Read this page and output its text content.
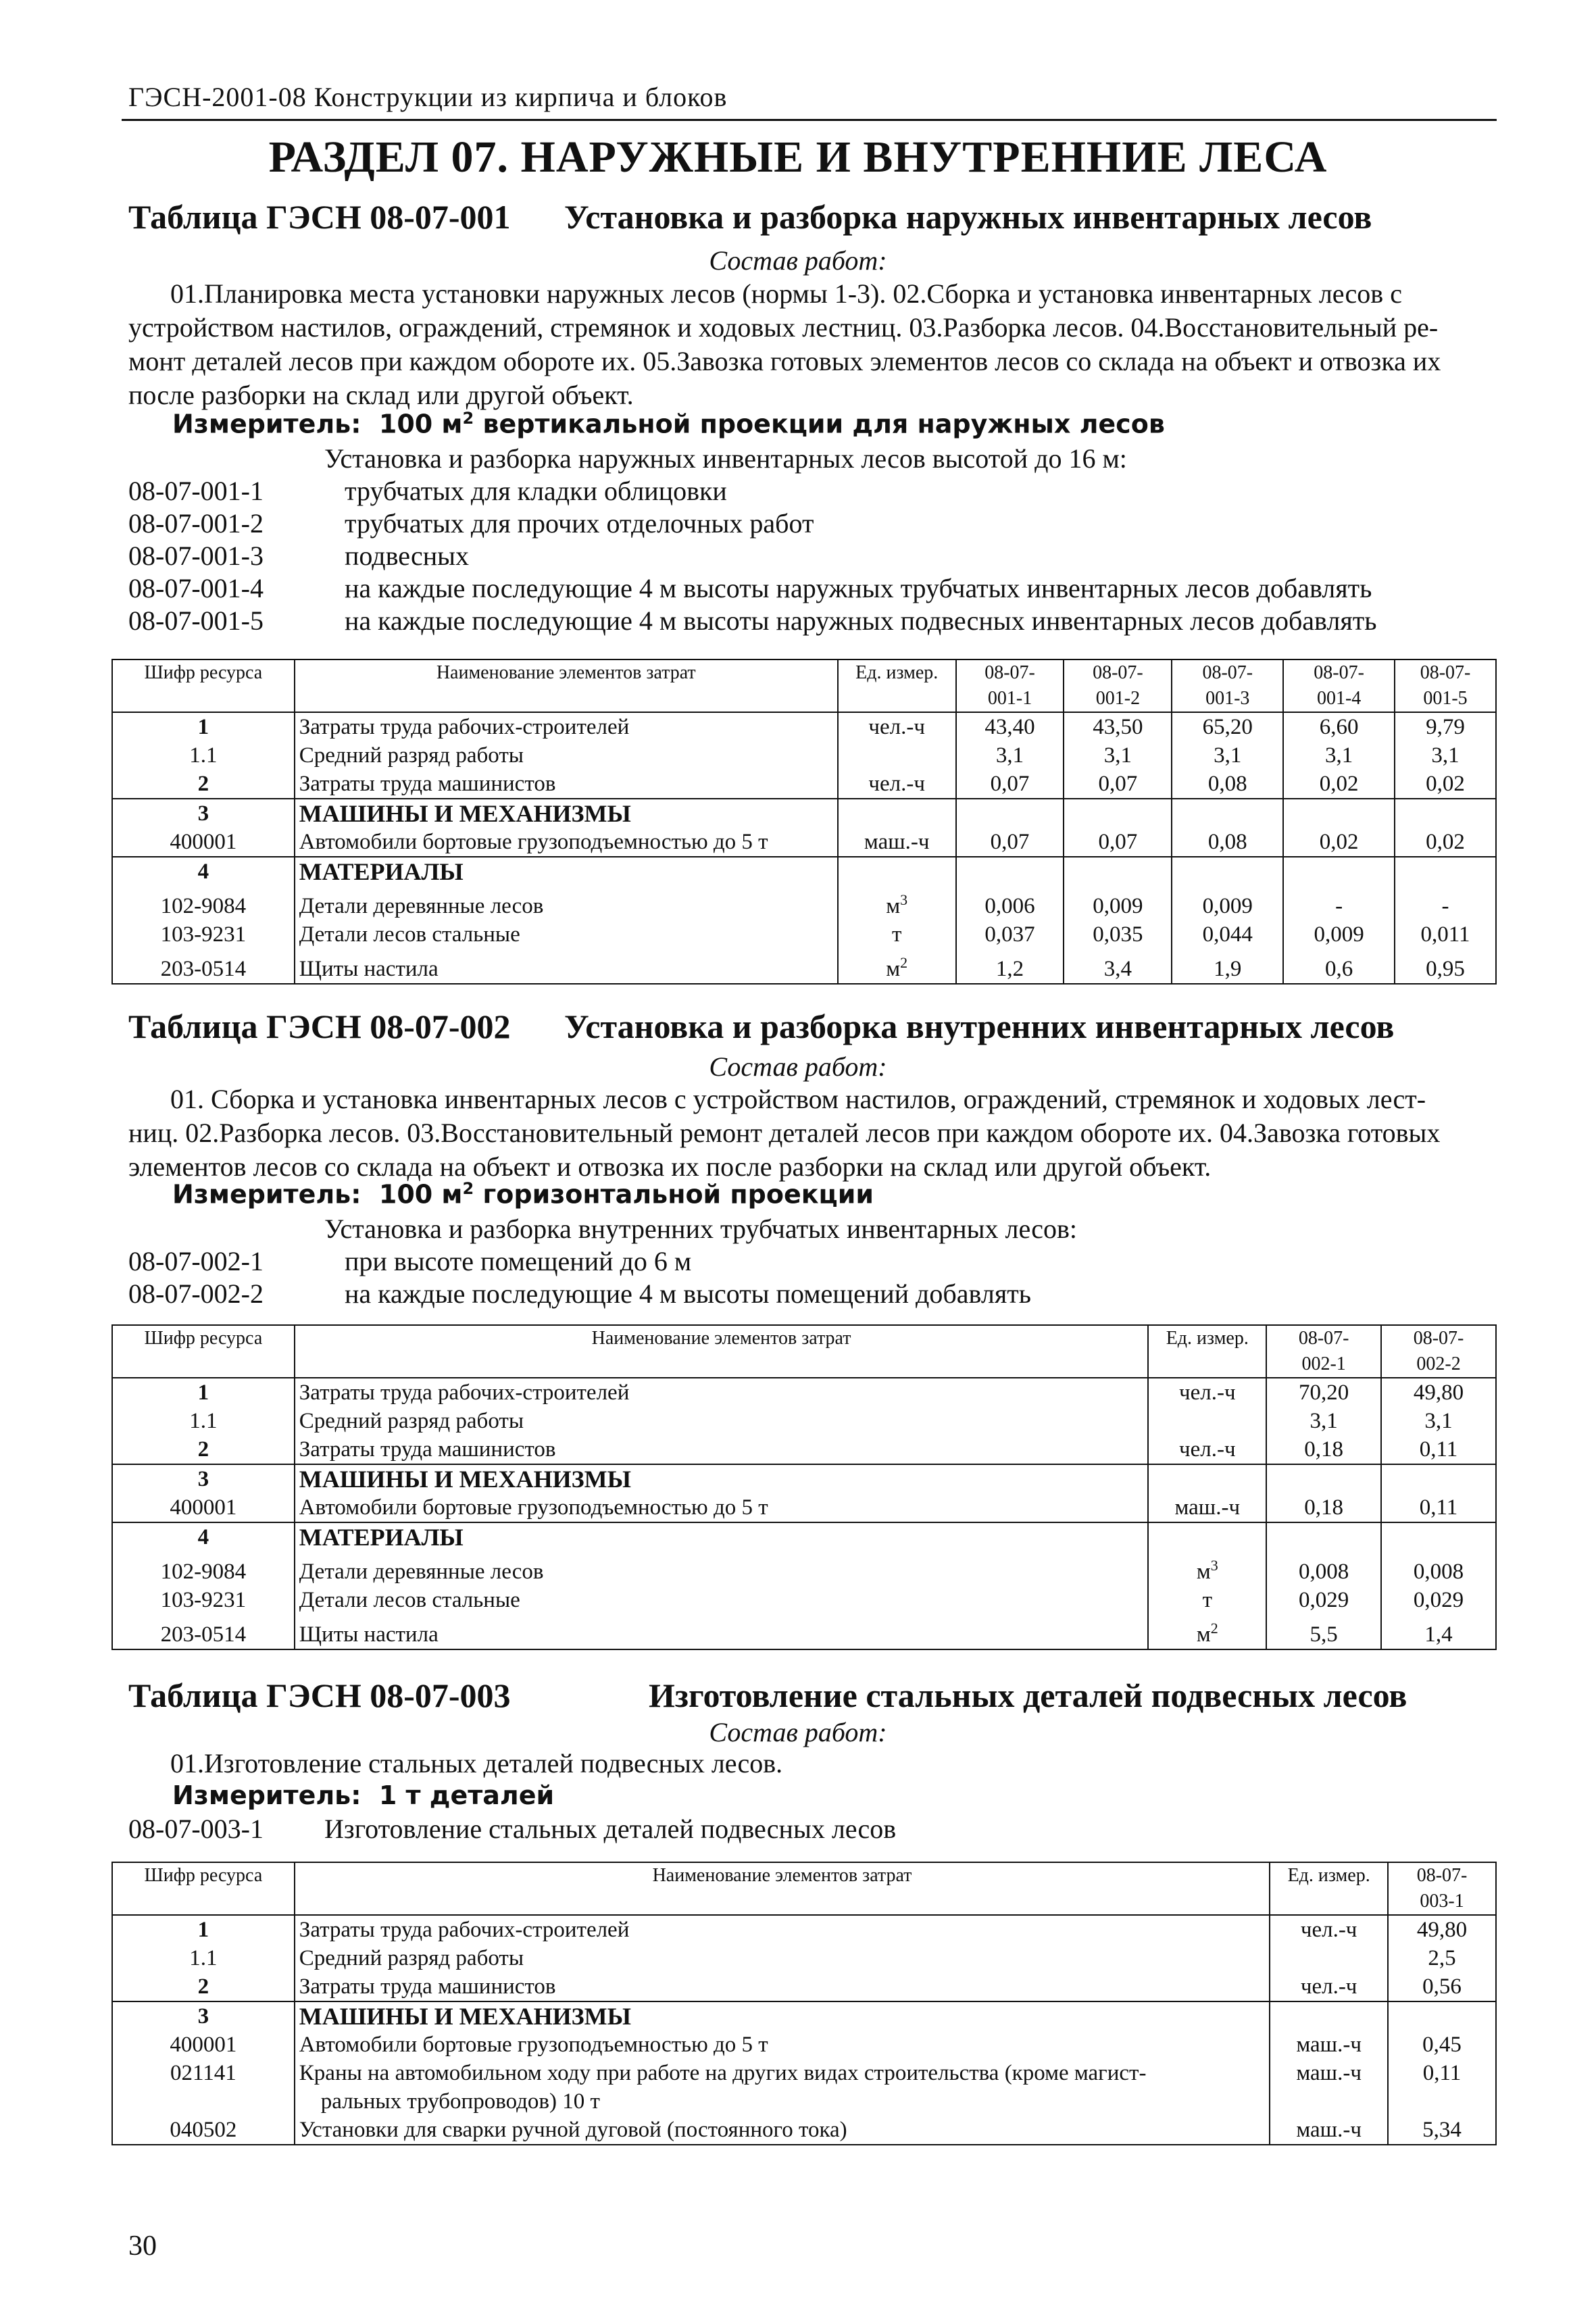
ГЭСН-2001-08 Конструкции из кирпича и блоков
РАЗДЕЛ 07. НАРУЖНЫЕ И ВНУТРЕННИЕ ЛЕСА
Таблица ГЭСН 08-07-001 Установка и разборка наружных инвентарных лесов
Состав работ:
01.Планировка места установки наружных лесов (нормы 1-3). 02.Сборка и установка инвентарных лесов с
устройством настилов, ограждений, стремянок и ходовых лестниц. 03.Разборка лесов. 04.Восстановительный ре-
монт деталей лесов при каждом обороте их. 05.Завозка готовых элементов лесов со склада на объект и отвозка их
после разборки на склад или другой объект.
Измеритель: 100 $м^2$ вертикальной проекции для наружных лесов
Установка и разборка наружных инвентарных лесов высотой до 16 м:
08-07-001-1	трубчатых для кладки облицовки
08-07-001-2	трубчатых для прочих отделочных работ
08-07-001-3	подвесных
08-07-001-4	на каждые последующие 4 м высоты наружных трубчатых инвентарных лесов добавлять
08-07-001-5	на каждые последующие 4 м высоты наружных подвесных инвентарных лесов добавлять
Шифр ресурса	Наименование элементов затрат	Ед. измер.	08-07-
001-1	08-07-
001-2	08-07-
001-3	08-07-
001-4	08-07-
001-5
1	Затраты труда рабочих-строителей	чел.-ч	43,40	43,50	65,20	6,60	9,79
1.1	Средний разряд работы		3,1	3,1	3,1	3,1	3,1
2	Затраты труда машинистов	чел.-ч	0,07	0,07	0,08	0,02	0,02
3	МАШИНЫ И МЕХАНИЗМЫ						
400001	Автомобили бортовые грузоподъемностью до 5 т	маш.-ч	0,07	0,07	0,08	0,02	0,02
4	МАТЕРИАЛЫ						
102-9084	Детали деревянные лесов	$м^3$	0,006	0,009	0,009	-	-
103-9231	Детали лесов стальные	т	0,037	0,035	0,044	0,009	0,011
203-0514	Щиты настила	$м^2$	1,2	3,4	1,9	0,6	0,95
Таблица ГЭСН 08-07-002 Установка и разборка внутренних инвентарных лесов
Состав работ:
01. Сборка и установка инвентарных лесов с устройством настилов, ограждений, стремянок и ходовых лест-
ниц. 02.Разборка лесов. 03.Восстановительный ремонт деталей лесов при каждом обороте их. 04.Завозка готовых
элементов лесов со склада на объект и отвозка их после разборки на склад или другой объект.
Измеритель: 100 $м^2$ горизонтальной проекции
Установка и разборка внутренних трубчатых инвентарных лесов:
08-07-002-1	при высоте помещений до 6 м
08-07-002-2	на каждые последующие 4 м высоты помещений добавлять
Шифр ресурса	Наименование элементов затрат	Ед. измер.	08-07-
002-1	08-07-
002-2
1	Затраты труда рабочих-строителей	чел.-ч	70,20	49,80
1.1	Средний разряд работы		3,1	3,1
2	Затраты труда машинистов	чел.-ч	0,18	0,11
3	МАШИНЫ И МЕХАНИЗМЫ			
400001	Автомобили бортовые грузоподъемностью до 5 т	маш.-ч	0,18	0,11
4	МАТЕРИАЛЫ			
102-9084	Детали деревянные лесов	$м^3$	0,008	0,008
103-9231	Детали лесов стальные	т	0,029	0,029
203-0514	Щиты настила	$м^2$	5,5	1,4
Таблица ГЭСН 08-07-003	Изготовление стальных деталей подвесных лесов
Состав работ:
01.Изготовление стальных деталей подвесных лесов.
Измеритель: 1 т деталей
08-07-003-1 Изготовление стальных деталей подвесных лесов
Шифр ресурса	Наименование элементов затрат	Ед. измер.	08-07-
003-1
1	Затраты труда рабочих-строителей	чел.-ч	49,80
1.1	Средний разряд работы		2,5
2	Затраты труда машинистов	чел.-ч	0,56
3	МАШИНЫ И МЕХАНИЗМЫ		
400001	Автомобили бортовые грузоподъемностью до 5 т	маш.-ч	0,45
021141	Краны на автомобильном ходу при работе на других видах строительства (кроме магист-	маш.-ч	0,11
	ральных трубопроводов) 10 т		
040502	Установки для сварки ручной дуговой (постоянного тока)	маш.-ч	5,34
30
